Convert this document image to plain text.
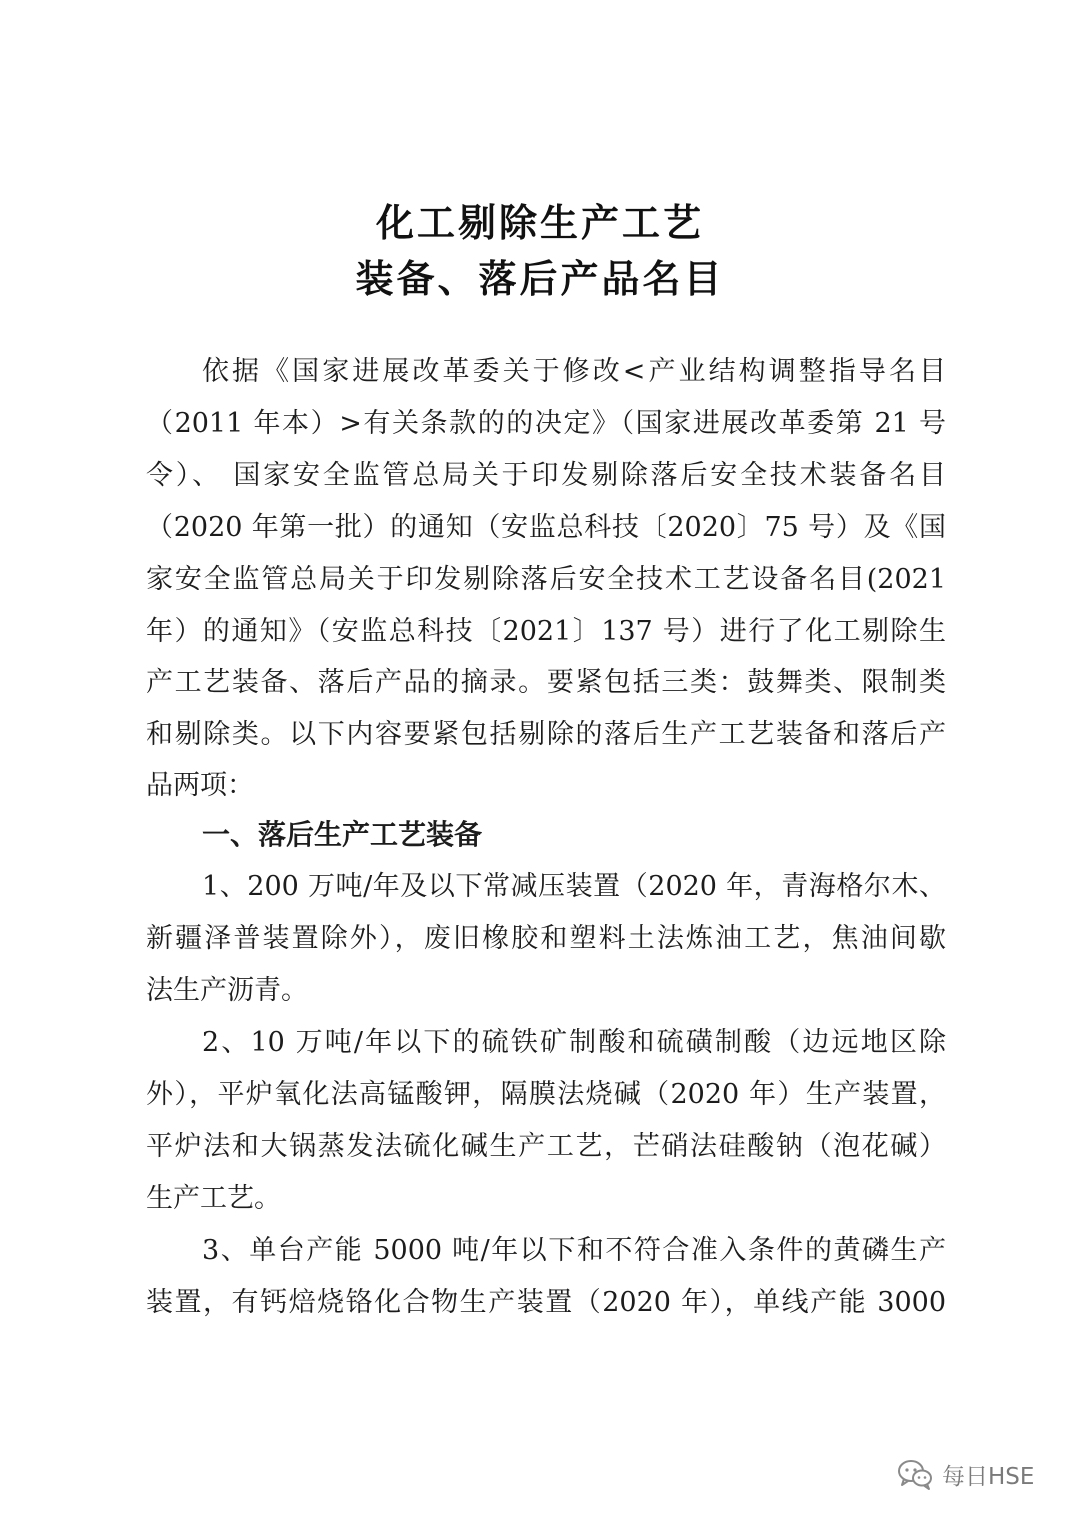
化工剔除生产工艺
装备、落后产品名目
依据《国家进展改革委关于修改<产业结构调整指导名目
（2011 年本）>有关条款的的决定》（国家进展改革委第 21 号
令）、 国家安全监管总局关于印发剔除落后安全技术装备名目
（2020 年第一批）的通知（安监总科技〔2020〕75 号）及《国
家安全监管总局关于印发剔除落后安全技术工艺设备名目(2021
年）的通知》（安监总科技〔2021〕137 号）进行了化工剔除生
产工艺装备、落后产品的摘录。要紧包括三类：鼓舞类、限制类
和剔除类。以下内容要紧包括剔除的落后生产工艺装备和落后产
品两项：
一、落后生产工艺装备
1、200 万吨/年及以下常减压装置（2020 年，青海格尔木、
新疆泽普装置除外），废旧橡胶和塑料土法炼油工艺，焦油间歇
法生产沥青。
2、10 万吨/年以下的硫铁矿制酸和硫磺制酸（边远地区除
外），平炉氧化法高锰酸钾，隔膜法烧碱（2020 年）生产装置，
平炉法和大锅蒸发法硫化碱生产工艺，芒硝法硅酸钠（泡花碱）
生产工艺。
3、单台产能 5000 吨/年以下和不符合准入条件的黄磷生产
装置，有钙焙烧铬化合物生产装置（2020 年），单线产能 3000
每日HSE
